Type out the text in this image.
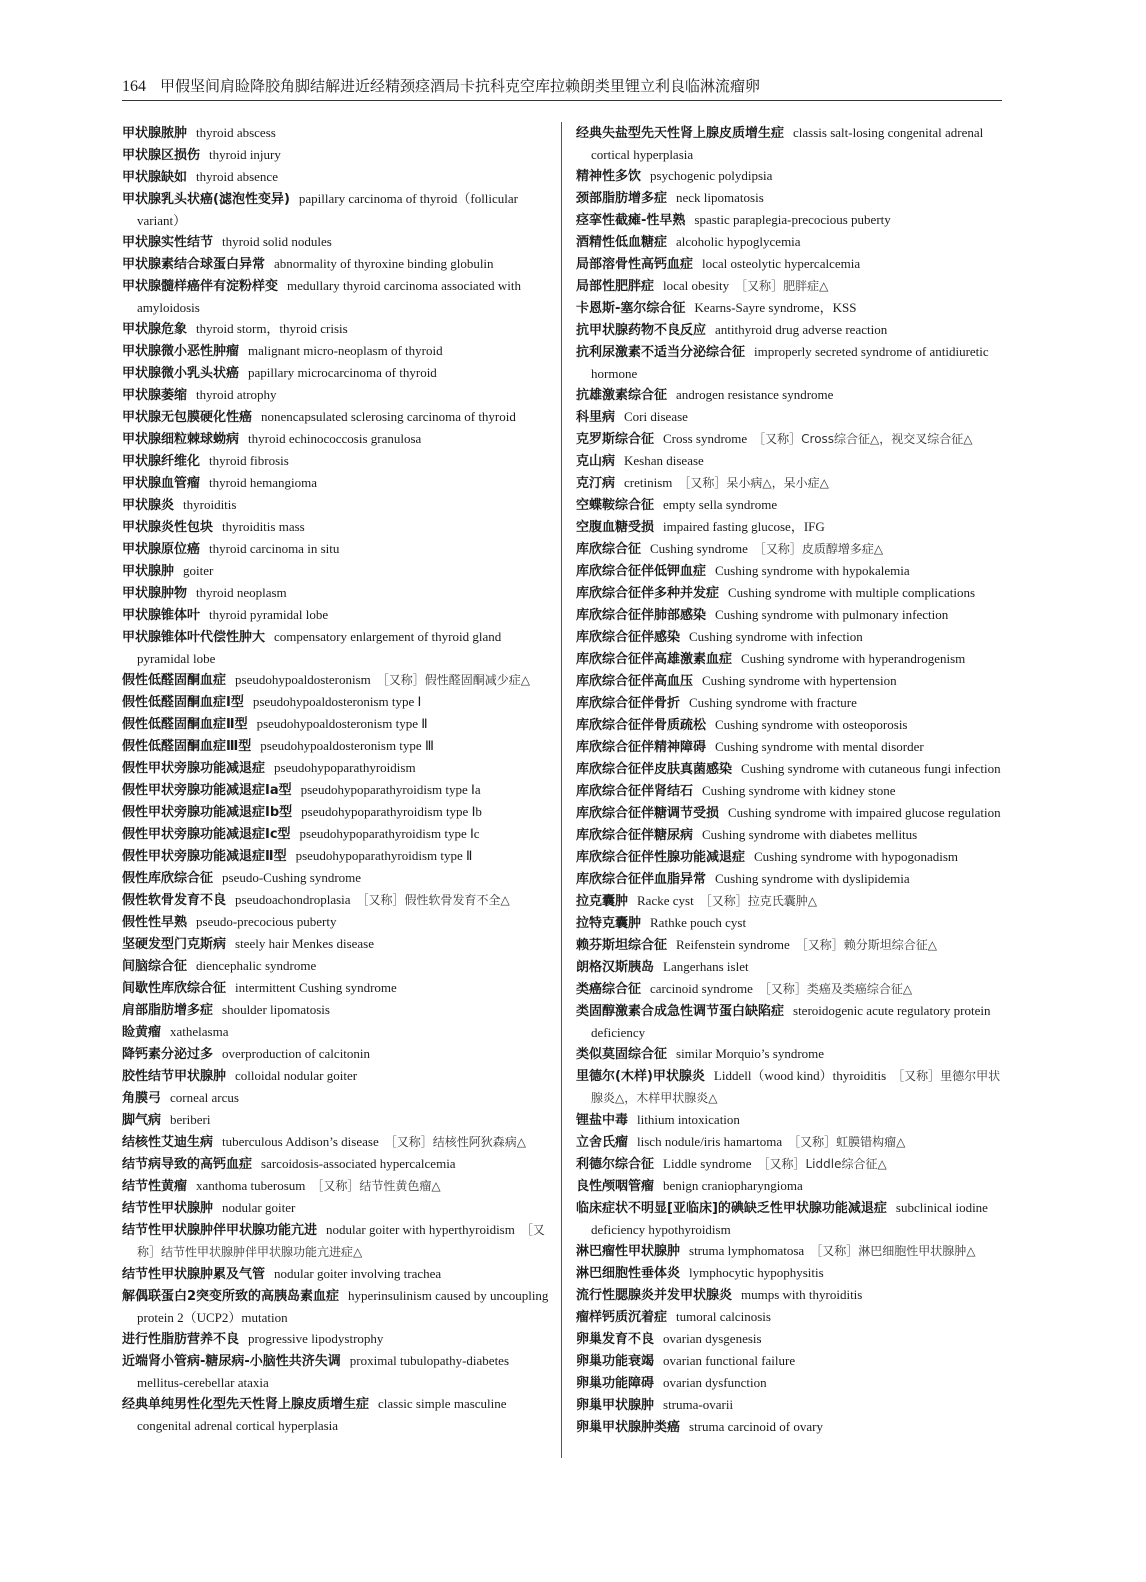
164 甲假坚间肩睑降胶角脚结解进近经精颈痉酒局卡抗科克空库拉赖朗类里锂立利良临淋流瘤卵
甲状腺脓肿 thyroid abscess
甲状腺区损伤 thyroid injury
甲状腺缺如 thyroid absence
甲状腺乳头状癌(滤泡性变异) papillary carcinoma of thyroid（follicular variant）
甲状腺实性结节 thyroid solid nodules
甲状腺素结合球蛋白异常 abnormality of thyroxine binding globulin
甲状腺髓样癌伴有淀粉样变 medullary thyroid carcinoma associated with amyloidosis
甲状腺危象 thyroid storm，thyroid crisis
甲状腺微小恶性肿瘤 malignant micro-neoplasm of thyroid
甲状腺微小乳头状癌 papillary microcarcinoma of thyroid
甲状腺萎缩 thyroid atrophy
甲状腺无包膜硬化性癌 nonencapsulated sclerosing carcinoma of thyroid
甲状腺细粒棘球蚴病 thyroid echinococcosis granulosa
甲状腺纤维化 thyroid fibrosis
甲状腺血管瘤 thyroid hemangioma
甲状腺炎 thyroiditis
甲状腺炎性包块 thyroiditis mass
甲状腺原位癌 thyroid carcinoma in situ
甲状腺肿 goiter
甲状腺肿物 thyroid neoplasm
甲状腺锥体叶 thyroid pyramidal lobe
甲状腺锥体叶代偿性肿大 compensatory enlargement of thyroid gland pyramidal lobe
假性低醛固酮血症 pseudohypoaldosteronism ［又称］假性醛固酮减少症△
假性低醛固酮血症Ⅰ型 pseudohypoaldosteronism type Ⅰ
假性低醛固酮血症Ⅱ型 pseudohypoaldosteronism type Ⅱ
假性低醛固酮血症Ⅲ型 pseudohypoaldosteronism type Ⅲ
假性甲状旁腺功能减退症 pseudohypoparathyroidism
假性甲状旁腺功能减退症Ⅰa型 pseudohypoparathyroidism type Ⅰa
假性甲状旁腺功能减退症Ⅰb型 pseudohypoparathyroidism type Ⅰb
假性甲状旁腺功能减退症Ⅰc型 pseudohypoparathyroidism type Ⅰc
假性甲状旁腺功能减退症Ⅱ型 pseudohypoparathyroidism type Ⅱ
假性库欣综合征 pseudo-Cushing syndrome
假性软骨发育不良 pseudoachondroplasia ［又称］假性软骨发育不全△
假性性早熟 pseudo-precocious puberty
坚硬发型门克斯病 steely hair Menkes disease
间脑综合征 diencephalic syndrome
间歇性库欣综合征 intermittent Cushing syndrome
肩部脂肪增多症 shoulder lipomatosis
睑黄瘤 xathelasma
降钙素分泌过多 overproduction of calcitonin
胶性结节甲状腺肿 colloidal nodular goiter
角膜弓 corneal arcus
脚气病 beriberi
结核性艾迪生病 tuberculous Addison’s disease ［又称］结核性阿狄森病△
结节病导致的高钙血症 sarcoidosis-associated hypercalcemia
结节性黄瘤 xanthoma tuberosum ［又称］结节性黄色瘤△
结节性甲状腺肿 nodular goiter
结节性甲状腺肿伴甲状腺功能亢进 nodular goiter with hyperthyroidism ［又称］结节性甲状腺肿伴甲状腺功能亢进症△
结节性甲状腺肿累及气管 nodular goiter involving trachea
解偶联蛋白2突变所致的高胰岛素血症 hyperinsulinism caused by uncoupling protein 2（UCP2）mutation
进行性脂肪营养不良 progressive lipodystrophy
近端肾小管病-糖尿病-小脑性共济失调 proximal tubulopathy-diabetes mellitus-cerebellar ataxia
经典单纯男性化型先天性肾上腺皮质增生症 classic simple masculine congenital adrenal cortical hyperplasia
经典失盐型先天性肾上腺皮质增生症 classis salt-losing congenital adrenal cortical hyperplasia
精神性多饮 psychogenic polydipsia
颈部脂肪增多症 neck lipomatosis
痉挛性截瘫-性早熟 spastic paraplegia-precocious puberty
酒精性低血糖症 alcoholic hypoglycemia
局部溶骨性高钙血症 local osteolytic hypercalcemia
局部性肥胖症 local obesity ［又称］肥胖症△
卡恩斯-塞尔综合征 Kearns-Sayre syndrome，KSS
抗甲状腺药物不良反应 antithyroid drug adverse reaction
抗利尿激素不适当分泌综合征 improperly secreted syndrome of antidiuretic hormone
抗雄激素综合征 androgen resistance syndrome
科里病 Cori disease
克罗斯综合征 Cross syndrome ［又称］Cross综合征△，视交叉综合征△
克山病 Keshan disease
克汀病 cretinism ［又称］呆小病△，呆小症△
空蝶鞍综合征 empty sella syndrome
空腹血糖受损 impaired fasting glucose，IFG
库欣综合征 Cushing syndrome ［又称］皮质醇增多症△
库欣综合征伴低钾血症 Cushing syndrome with hypokalemia
库欣综合征伴多种并发症 Cushing syndrome with multiple complications
库欣综合征伴肺部感染 Cushing syndrome with pulmonary infection
库欣综合征伴感染 Cushing syndrome with infection
库欣综合征伴高雄激素血症 Cushing syndrome with hyperandrogenism
库欣综合征伴高血压 Cushing syndrome with hypertension
库欣综合征伴骨折 Cushing syndrome with fracture
库欣综合征伴骨质疏松 Cushing syndrome with osteoporosis
库欣综合征伴精神障碍 Cushing syndrome with mental disorder
库欣综合征伴皮肤真菌感染 Cushing syndrome with cutaneous fungi infection
库欣综合征伴肾结石 Cushing syndrome with kidney stone
库欣综合征伴糖调节受损 Cushing syndrome with impaired glucose regulation
库欣综合征伴糖尿病 Cushing syndrome with diabetes mellitus
库欣综合征伴性腺功能减退症 Cushing syndrome with hypogonadism
库欣综合征伴血脂异常 Cushing syndrome with dyslipidemia
拉克囊肿 Racke cyst ［又称］拉克氏囊肿△
拉特克囊肿 Rathke pouch cyst
赖芬斯坦综合征 Reifenstein syndrome ［又称］赖分斯坦综合征△
朗格汉斯胰岛 Langerhans islet
类癌综合征 carcinoid syndrome ［又称］类癌及类癌综合征△
类固醇激素合成急性调节蛋白缺陷症 steroidogenic acute regulatory protein deficiency
类似莫固综合征 similar Morquio’s syndrome
里德尔(木样)甲状腺炎 Liddell（wood kind）thyroiditis ［又称］里德尔甲状腺炎△，木样甲状腺炎△
锂盐中毒 lithium intoxication
立舍氏瘤 lisch nodule/iris hamartoma ［又称］虹膜错构瘤△
利德尔综合征 Liddle syndrome ［又称］Liddle综合征△
良性颅咽管瘤 benign craniopharyngioma
临床症状不明显[亚临床]的碘缺乏性甲状腺功能减退症 subclinical iodine deficiency hypothyroidism
淋巴瘤性甲状腺肿 struma lymphomatosa ［又称］淋巴细胞性甲状腺肿△
淋巴细胞性垂体炎 lymphocytic hypophysitis
流行性腮腺炎并发甲状腺炎 mumps with thyroiditis
瘤样钙质沉着症 tumoral calcinosis
卵巢发育不良 ovarian dysgenesis
卵巢功能衰竭 ovarian functional failure
卵巢功能障碍 ovarian dysfunction
卵巢甲状腺肿 struma-ovarii
卵巢甲状腺肿类癌 struma carcinoid of ovary
